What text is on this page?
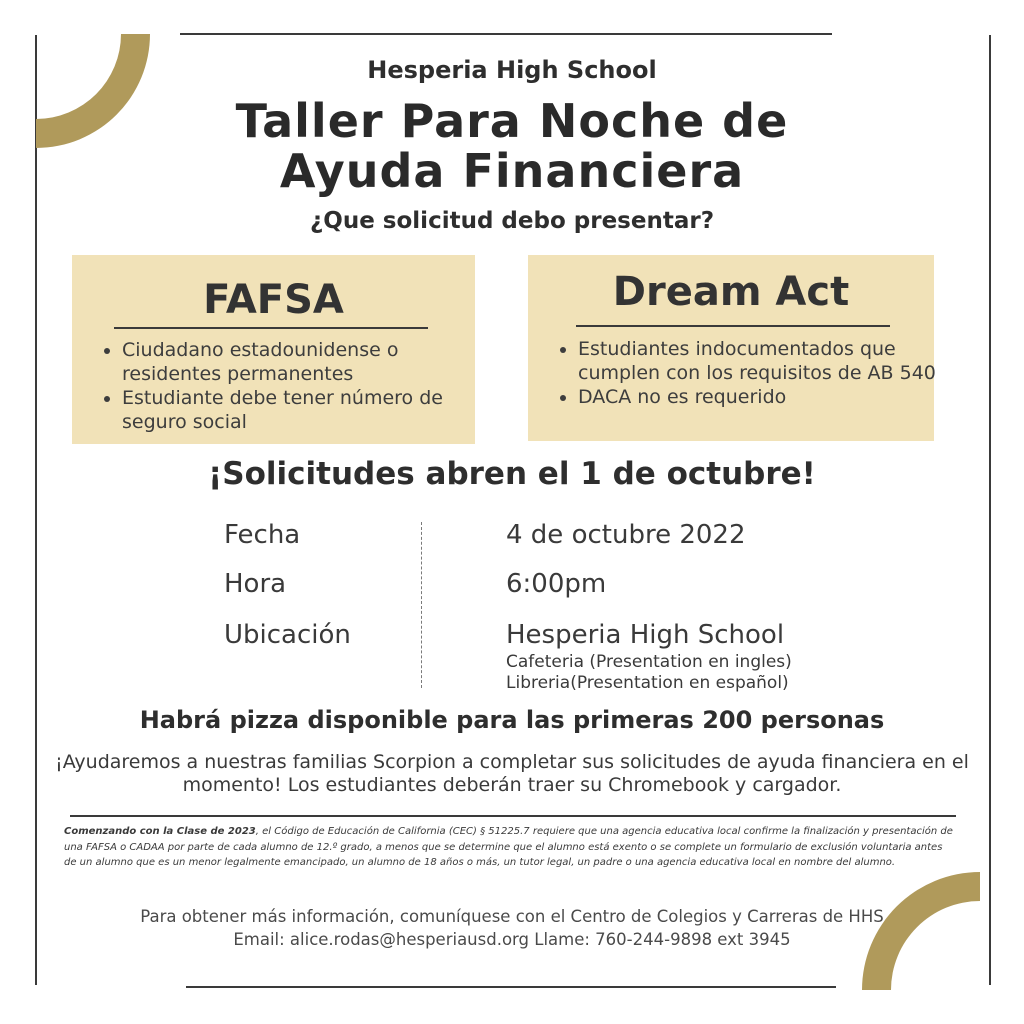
Hesperia High School
Taller Para Noche de
Ayuda Financiera
¿Que solicitud debo presentar?
FAFSA
• Ciudadano estadounidense o residentes permanentes
• Estudiante debe tener número de seguro social
Dream Act
• Estudiantes indocumentados que cumplen con los requisitos de AB 540
• DACA no es requerido
¡Solicitudes abren el 1 de octubre!
Fecha	4 de octubre 2022
Hora	6:00pm
Ubicación	Hesperia High School
Cafeteria (Presentation en ingles)
Libreria(Presentation en español)
Habrá pizza disponible para las primeras 200 personas
¡Ayudaremos a nuestras familias Scorpion a completar sus solicitudes de ayuda financiera en el momento! Los estudiantes deberán traer su Chromebook y cargador.
Comenzando con la Clase de 2023, el Código de Educación de California (CEC) § 51225.7 requiere que una agencia educativa local confirme la finalización y presentación de una FAFSA o CADAA por parte de cada alumno de 12.º grado, a menos que se determine que el alumno está exento o se complete un formulario de exclusión voluntaria antes de un alumno que es un menor legalmente emancipado, un alumno de 18 años o más, un tutor legal, un padre o una agencia educativa local en nombre del alumno.
Para obtener más información, comuníquese con el Centro de Colegios y Carreras de HHS
Email: alice.rodas@hesperiausd.org Llame: 760-244-9898 ext 3945
